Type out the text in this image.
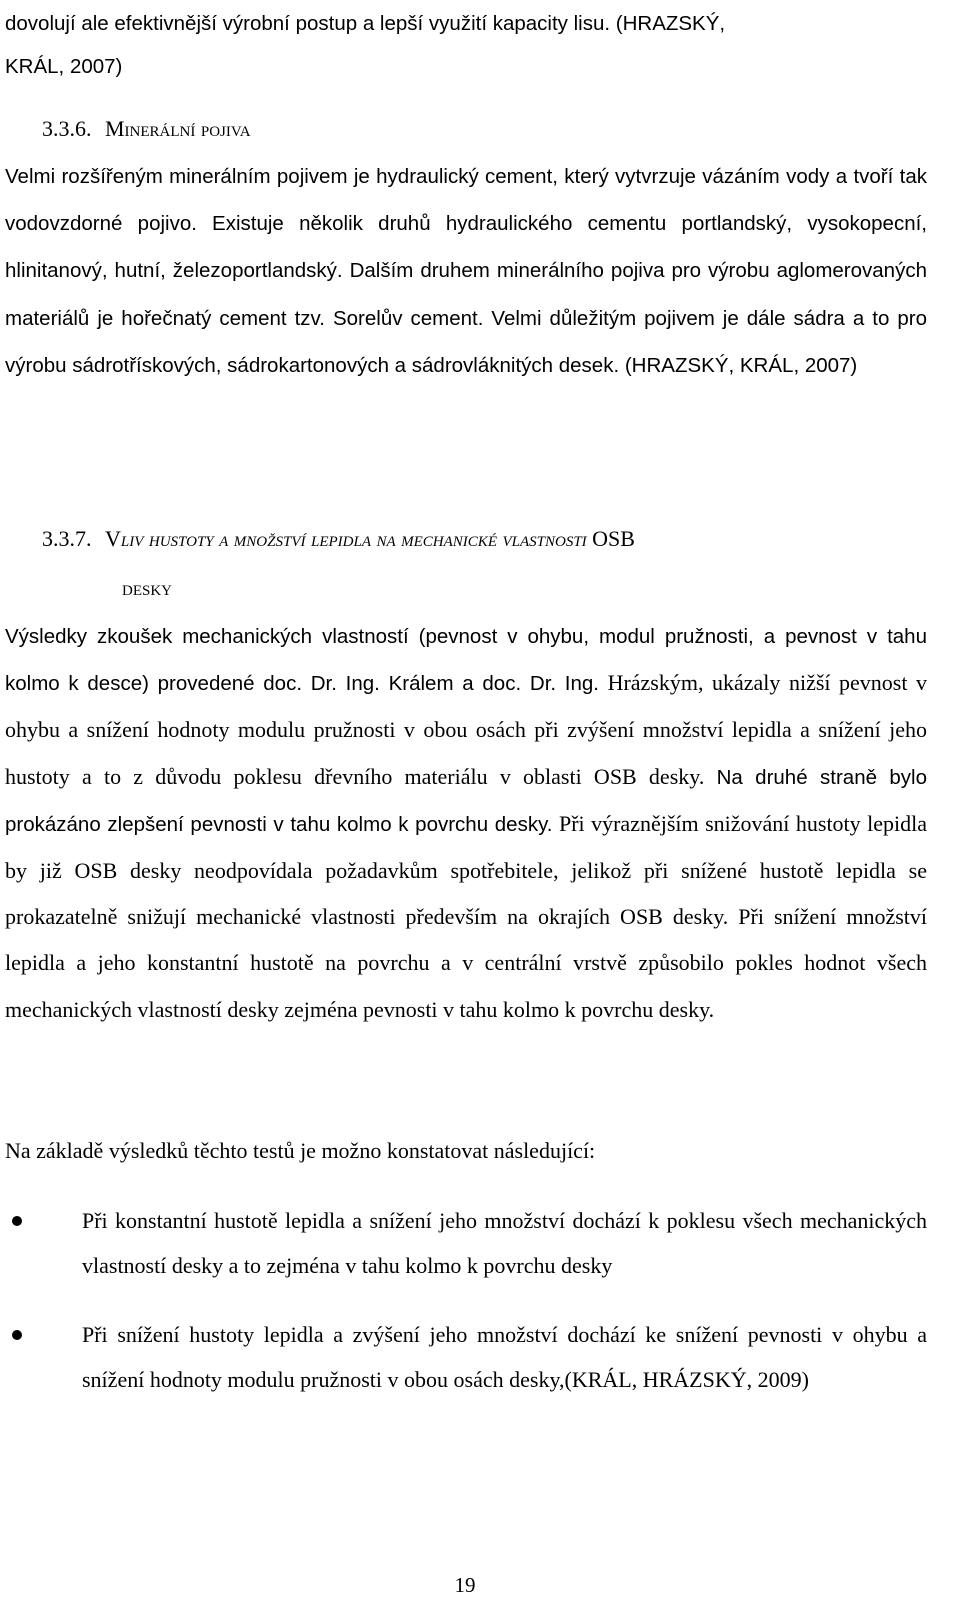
dovolují ale efektivnější výrobní postup a lepší využití kapacity lisu. (HRAZSKÝ,
KRÁL, 2007)
3.3.6. Minerální pojiva

Velmi rozšířeným minerálním pojivem je hydraulický cement, který vytvrzuje vázáním vody a tvoří tak vodovzdorné pojivo. Existuje několik druhů hydraulického cementu portlandský, vysokopecní, hlinitanový, hutní, železoportlandský. Dalším druhem minerálního pojiva pro výrobu aglomerovaných materiálů je hořečnatý cement tzv. Sorelův cement. Velmi důležitým pojivem je dále sádra a to pro výrobu sádrotřískových, sádrokartonových a sádrovláknitých desek. (HRAZSKÝ, KRÁL, 2007)

3.3.7. Vliv hustoty a množství lepidla na mechanické vlastnosti OSB
desky

Výsledky zkoušek mechanických vlastností (pevnost v ohybu, modul pružnosti, a pevnost v tahu kolmo k desce) provedené doc. Dr. Ing. Králem a doc. Dr. Ing. Hrázským, ukázaly nižší pevnost v ohybu a snížení hodnoty modulu pružnosti v obou osách při zvýšení množství lepidla a snížení jeho hustoty a to z důvodu poklesu dřevního materiálu v oblasti OSB desky. Na druhé straně bylo prokázáno zlepšení pevnosti v tahu kolmo k povrchu desky. Při výraznějším snižování hustoty lepidla by již OSB desky neodpovídala požadavkům spotřebitele, jelikož při snížené hustotě lepidla se prokazatelně snižují mechanické vlastnosti především na okrajích OSB desky. Při snížení množství lepidla a jeho konstantní hustotě na povrchu a v centrální vrstvě způsobilo pokles hodnot všech mechanických vlastností desky zejména pevnosti v tahu kolmo k povrchu desky.

Na základě výsledků těchto testů je možno konstatovat následující:

Při konstantní hustotě lepidla a snížení jeho množství dochází k poklesu všech mechanických vlastností desky a to zejména v tahu kolmo k povrchu desky
Při snížení hustoty lepidla a zvýšení jeho množství dochází ke snížení pevnosti v ohybu a snížení hodnoty modulu pružnosti v obou osách desky,(KRÁL, HRÁZSKÝ, 2009)
19
